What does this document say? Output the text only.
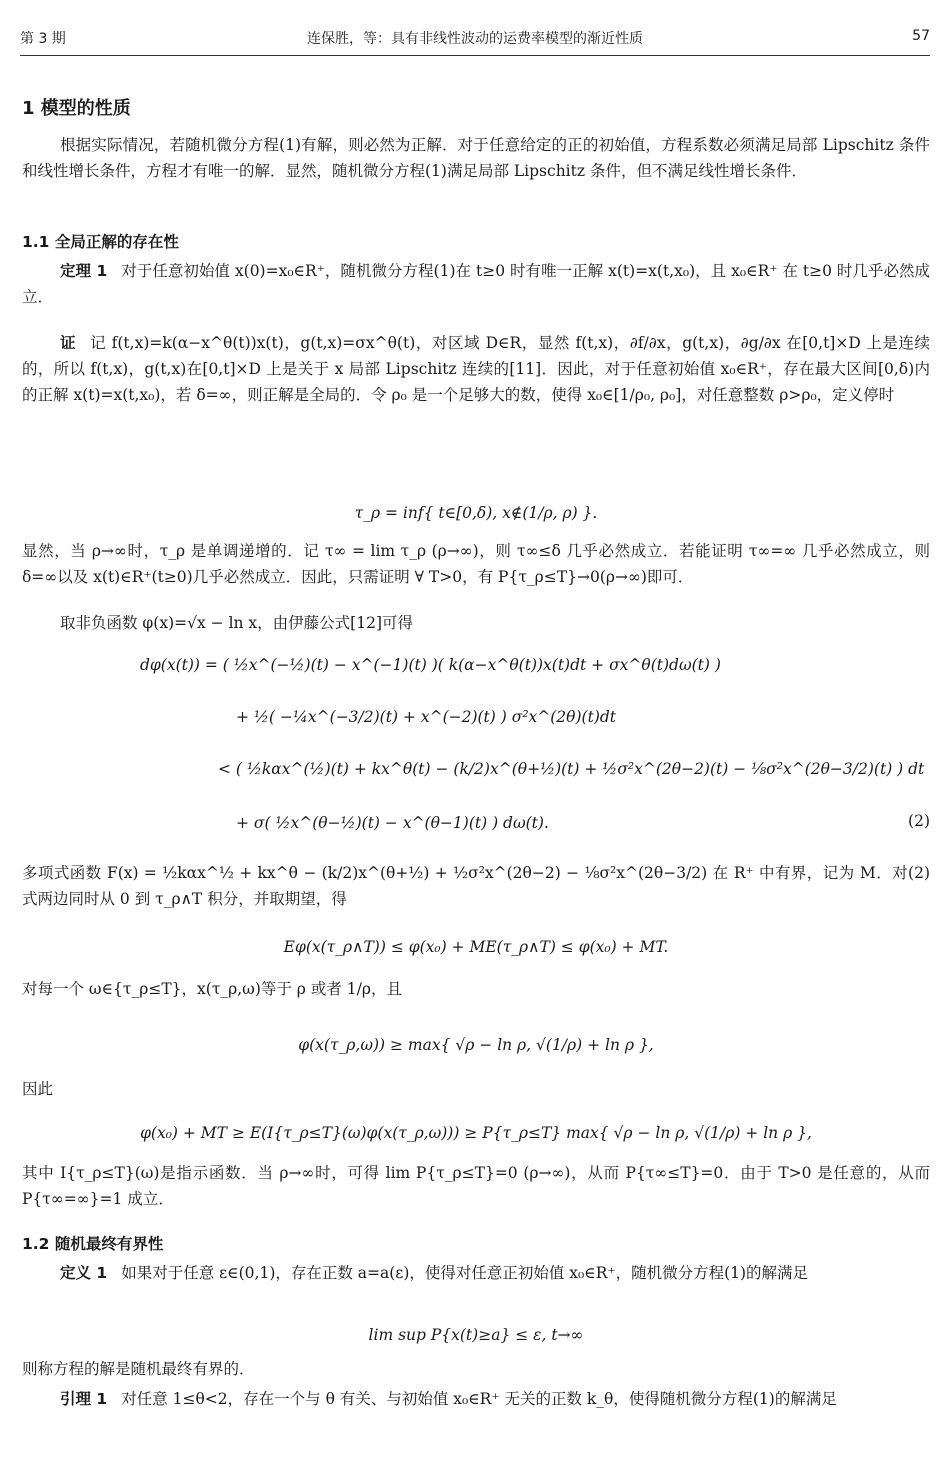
第 3 期	连保胜，等：具有非线性波动的运费率模型的渐近性质	57
1 模型的性质
根据实际情况，若随机微分方程(1)有解，则必然为正解．对于任意给定的正的初始值，方程系数必须满足局部 Lipschitz 条件和线性增长条件，方程才有唯一的解．显然，随机微分方程(1)满足局部 Lipschitz 条件，但不满足线性增长条件．
1.1 全局正解的存在性
定理 1 对于任意初始值 x(0)=x₀∈R⁺，随机微分方程(1)在 t≥0 时有唯一正解 x(t)=x(t,x₀)，且 x₀∈R⁺ 在 t≥0 时几乎必然成立．
证 记 f(t,x)=k(α−x^θ(t))x(t)，g(t,x)=σx^θ(t)，对区域 D∈R，显然 f(t,x)，∂f/∂x，g(t,x)，∂g/∂x 在[0,t]×D 上是连续的，所以 f(t,x)，g(t,x)在[0,t]×D 上是关于 x 局部 Lipschitz 连续的[11]．因此，对于任意初始值 x₀∈R⁺，存在最大区间[0,δ)内的正解 x(t)=x(t,x₀)，若 δ=∞，则正解是全局的．令 ρ₀ 是一个足够大的数，使得 x₀∈[1/ρ₀, ρ₀]，对任意整数 ρ>ρ₀，定义停时
τ_ρ = inf{ t∈[0,δ), x∉(1/ρ, ρ) }.
显然，当 ρ→∞时，τ_ρ 是单调递增的．记 τ∞ = lim τ_ρ (ρ→∞)，则 τ∞≤δ 几乎必然成立．若能证明 τ∞=∞ 几乎必然成立，则 δ=∞以及 x(t)∈R⁺(t≥0)几乎必然成立．因此，只需证明 ∀ T>0，有 P{τ_ρ≤T}→0(ρ→∞)即可．
取非负函数 φ(x)=√x − ln x，由伊藤公式[12]可得
dφ(x(t)) = ( ½x^(−½)(t) − x^(−1)(t) )( k(α−x^θ(t))x(t)dt + σx^θ(t)dω(t) )
+ ½( −¼x^(−3/2)(t) + x^(−2)(t) ) σ²x^(2θ)(t)dt
< ( ½kαx^(½)(t) + kx^θ(t) − (k/2)x^(θ+½)(t) + ½σ²x^(2θ−2)(t) − ⅛σ²x^(2θ−3/2)(t) ) dt
+ σ( ½x^(θ−½)(t) − x^(θ−1)(t) ) dω(t).	(2)
多项式函数 F(x) = ½kαx^½ + kx^θ − (k/2)x^(θ+½) + ½σ²x^(2θ−2) − ⅛σ²x^(2θ−3/2) 在 R⁺ 中有界，记为 M．对(2)式两边同时从 0 到 τ_ρ∧T 积分，并取期望，得
Eφ(x(τ_ρ∧T)) ≤ φ(x₀) + ME(τ_ρ∧T) ≤ φ(x₀) + MT.
对每一个 ω∈{τ_ρ≤T}，x(τ_ρ,ω)等于 ρ 或者 1/ρ，且
φ(x(τ_ρ,ω)) ≥ max{ √ρ − ln ρ, √(1/ρ) + ln ρ },
因此
φ(x₀) + MT ≥ E(I{τ_ρ≤T}(ω)φ(x(τ_ρ,ω))) ≥ P{τ_ρ≤T} max{ √ρ − ln ρ, √(1/ρ) + ln ρ },
其中 I{τ_ρ≤T}(ω)是指示函数．当 ρ→∞时，可得 lim P{τ_ρ≤T}=0 (ρ→∞)，从而 P{τ∞≤T}=0．由于 T>0 是任意的，从而 P{τ∞=∞}=1 成立．
1.2 随机最终有界性
定义 1 如果对于任意 ε∈(0,1)，存在正数 a=a(ε)，使得对任意正初始值 x₀∈R⁺，随机微分方程(1)的解满足
lim sup P{x(t)≥a} ≤ ε, t→∞
则称方程的解是随机最终有界的．
引理 1 对任意 1≤θ<2，存在一个与 θ 有关、与初始值 x₀∈R⁺ 无关的正数 k_θ，使得随机微分方程(1)的解满足
